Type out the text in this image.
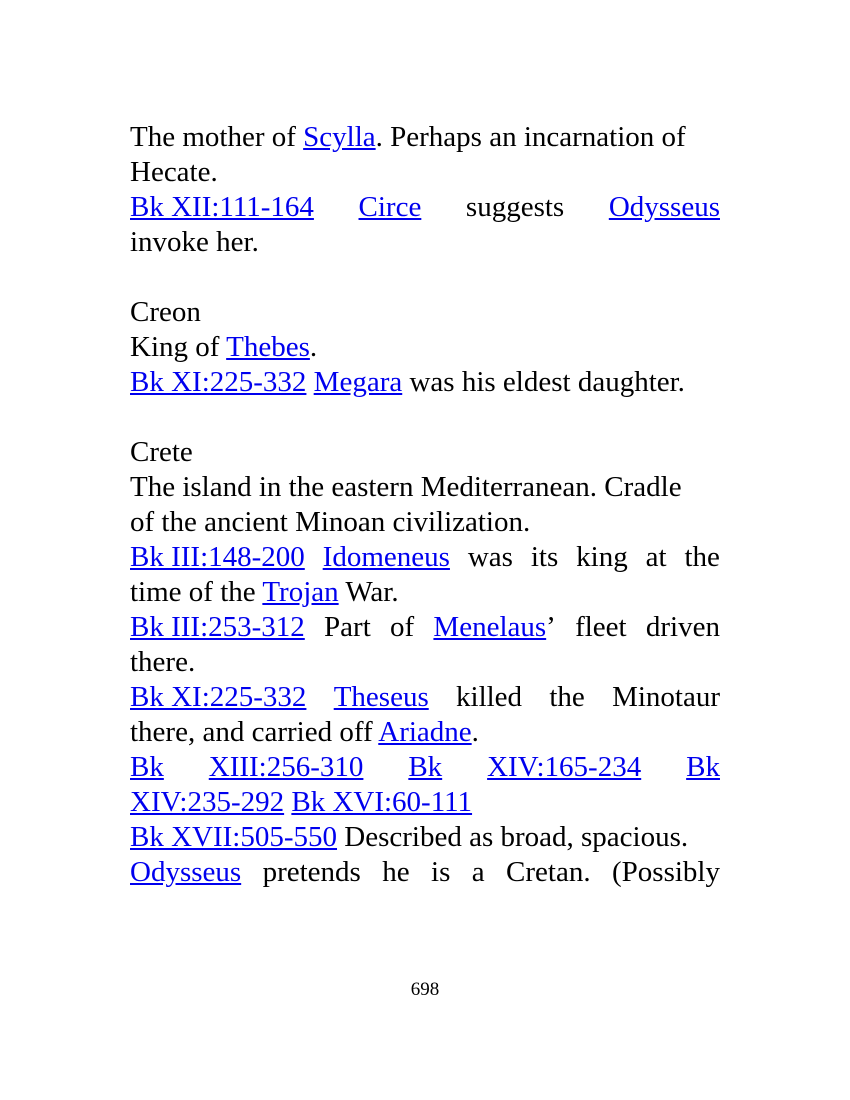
The mother of Scylla. Perhaps an incarnation of
Hecate.
Bk XII:111-164 Circe suggests Odysseus
invoke her.
Creon
King of Thebes.
Bk XI:225-332 Megara was his eldest daughter.
Crete
The island in the eastern Mediterranean. Cradle
of the ancient Minoan civilization.
Bk III:148-200 Idomeneus was its king at the
time of the Trojan War.
Bk III:253-312 Part of Menelaus’ fleet driven
there.
Bk XI:225-332 Theseus killed the Minotaur
there, and carried off Ariadne.
Bk XIII:256-310 Bk XIV:165-234 Bk
XIV:235-292 Bk XVI:60-111
Bk XVII:505-550 Described as broad, spacious.
Odysseus pretends he is a Cretan. (Possibly
698
